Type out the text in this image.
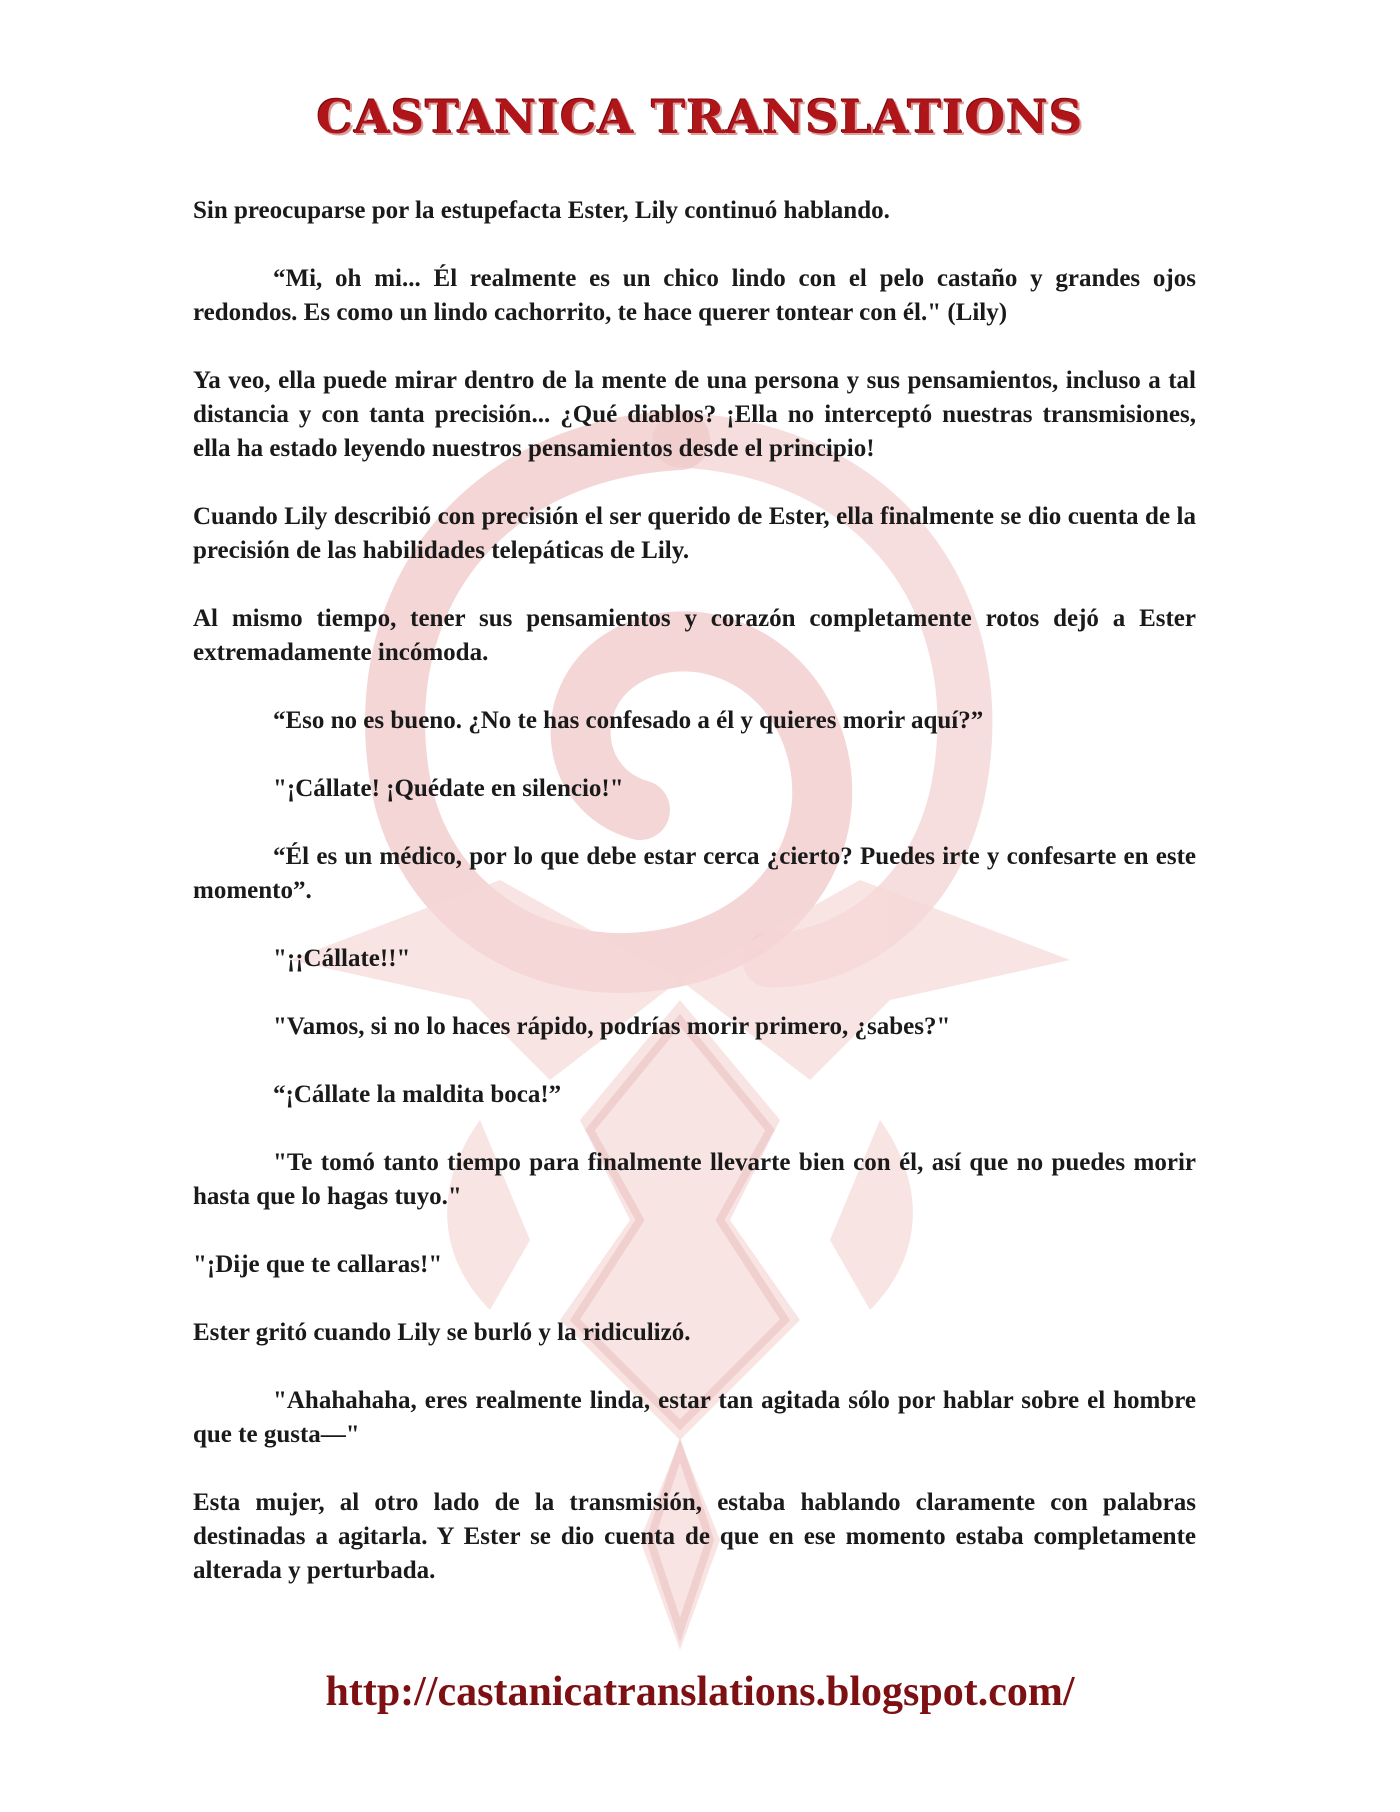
CASTANICA TRANSLATIONS

Sin preocuparse por la estupefacta Ester, Lily continuó hablando.

“Mi, oh mi... Él realmente es un chico lindo con el pelo castaño y grandes ojos redondos. Es como un lindo cachorrito, te hace querer tontear con él." (Lily)

Ya veo, ella puede mirar dentro de la mente de una persona y sus pensamientos, incluso a tal distancia y con tanta precisión... ¿Qué diablos? ¡Ella no interceptó nuestras transmisiones, ella ha estado leyendo nuestros pensamientos desde el principio!

Cuando Lily describió con precisión el ser querido de Ester, ella finalmente se dio cuenta de la precisión de las habilidades telepáticas de Lily.

Al mismo tiempo, tener sus pensamientos y corazón completamente rotos dejó a Ester extremadamente incómoda.

“Eso no es bueno. ¿No te has confesado a él y quieres morir aquí?”

"¡Cállate! ¡Quédate en silencio!"

“Él es un médico, por lo que debe estar cerca ¿cierto? Puedes irte y confesarte en este momento”.

"¡¡Cállate!!"

"Vamos, si no lo haces rápido, podrías morir primero, ¿sabes?"

“¡Cállate la maldita boca!”

"Te tomó tanto tiempo para finalmente llevarte bien con él, así que no puedes morir hasta que lo hagas tuyo."

"¡Dije que te callaras!"

Ester gritó cuando Lily se burló y la ridiculizó.

"Ahahahaha, eres realmente linda, estar tan agitada sólo por hablar sobre el hombre que te gusta—"

Esta mujer, al otro lado de la transmisión, estaba hablando claramente con palabras destinadas a agitarla. Y Ester se dio cuenta de que en ese momento estaba completamente alterada y perturbada.

http://castanicatranslations.blogspot.com/
